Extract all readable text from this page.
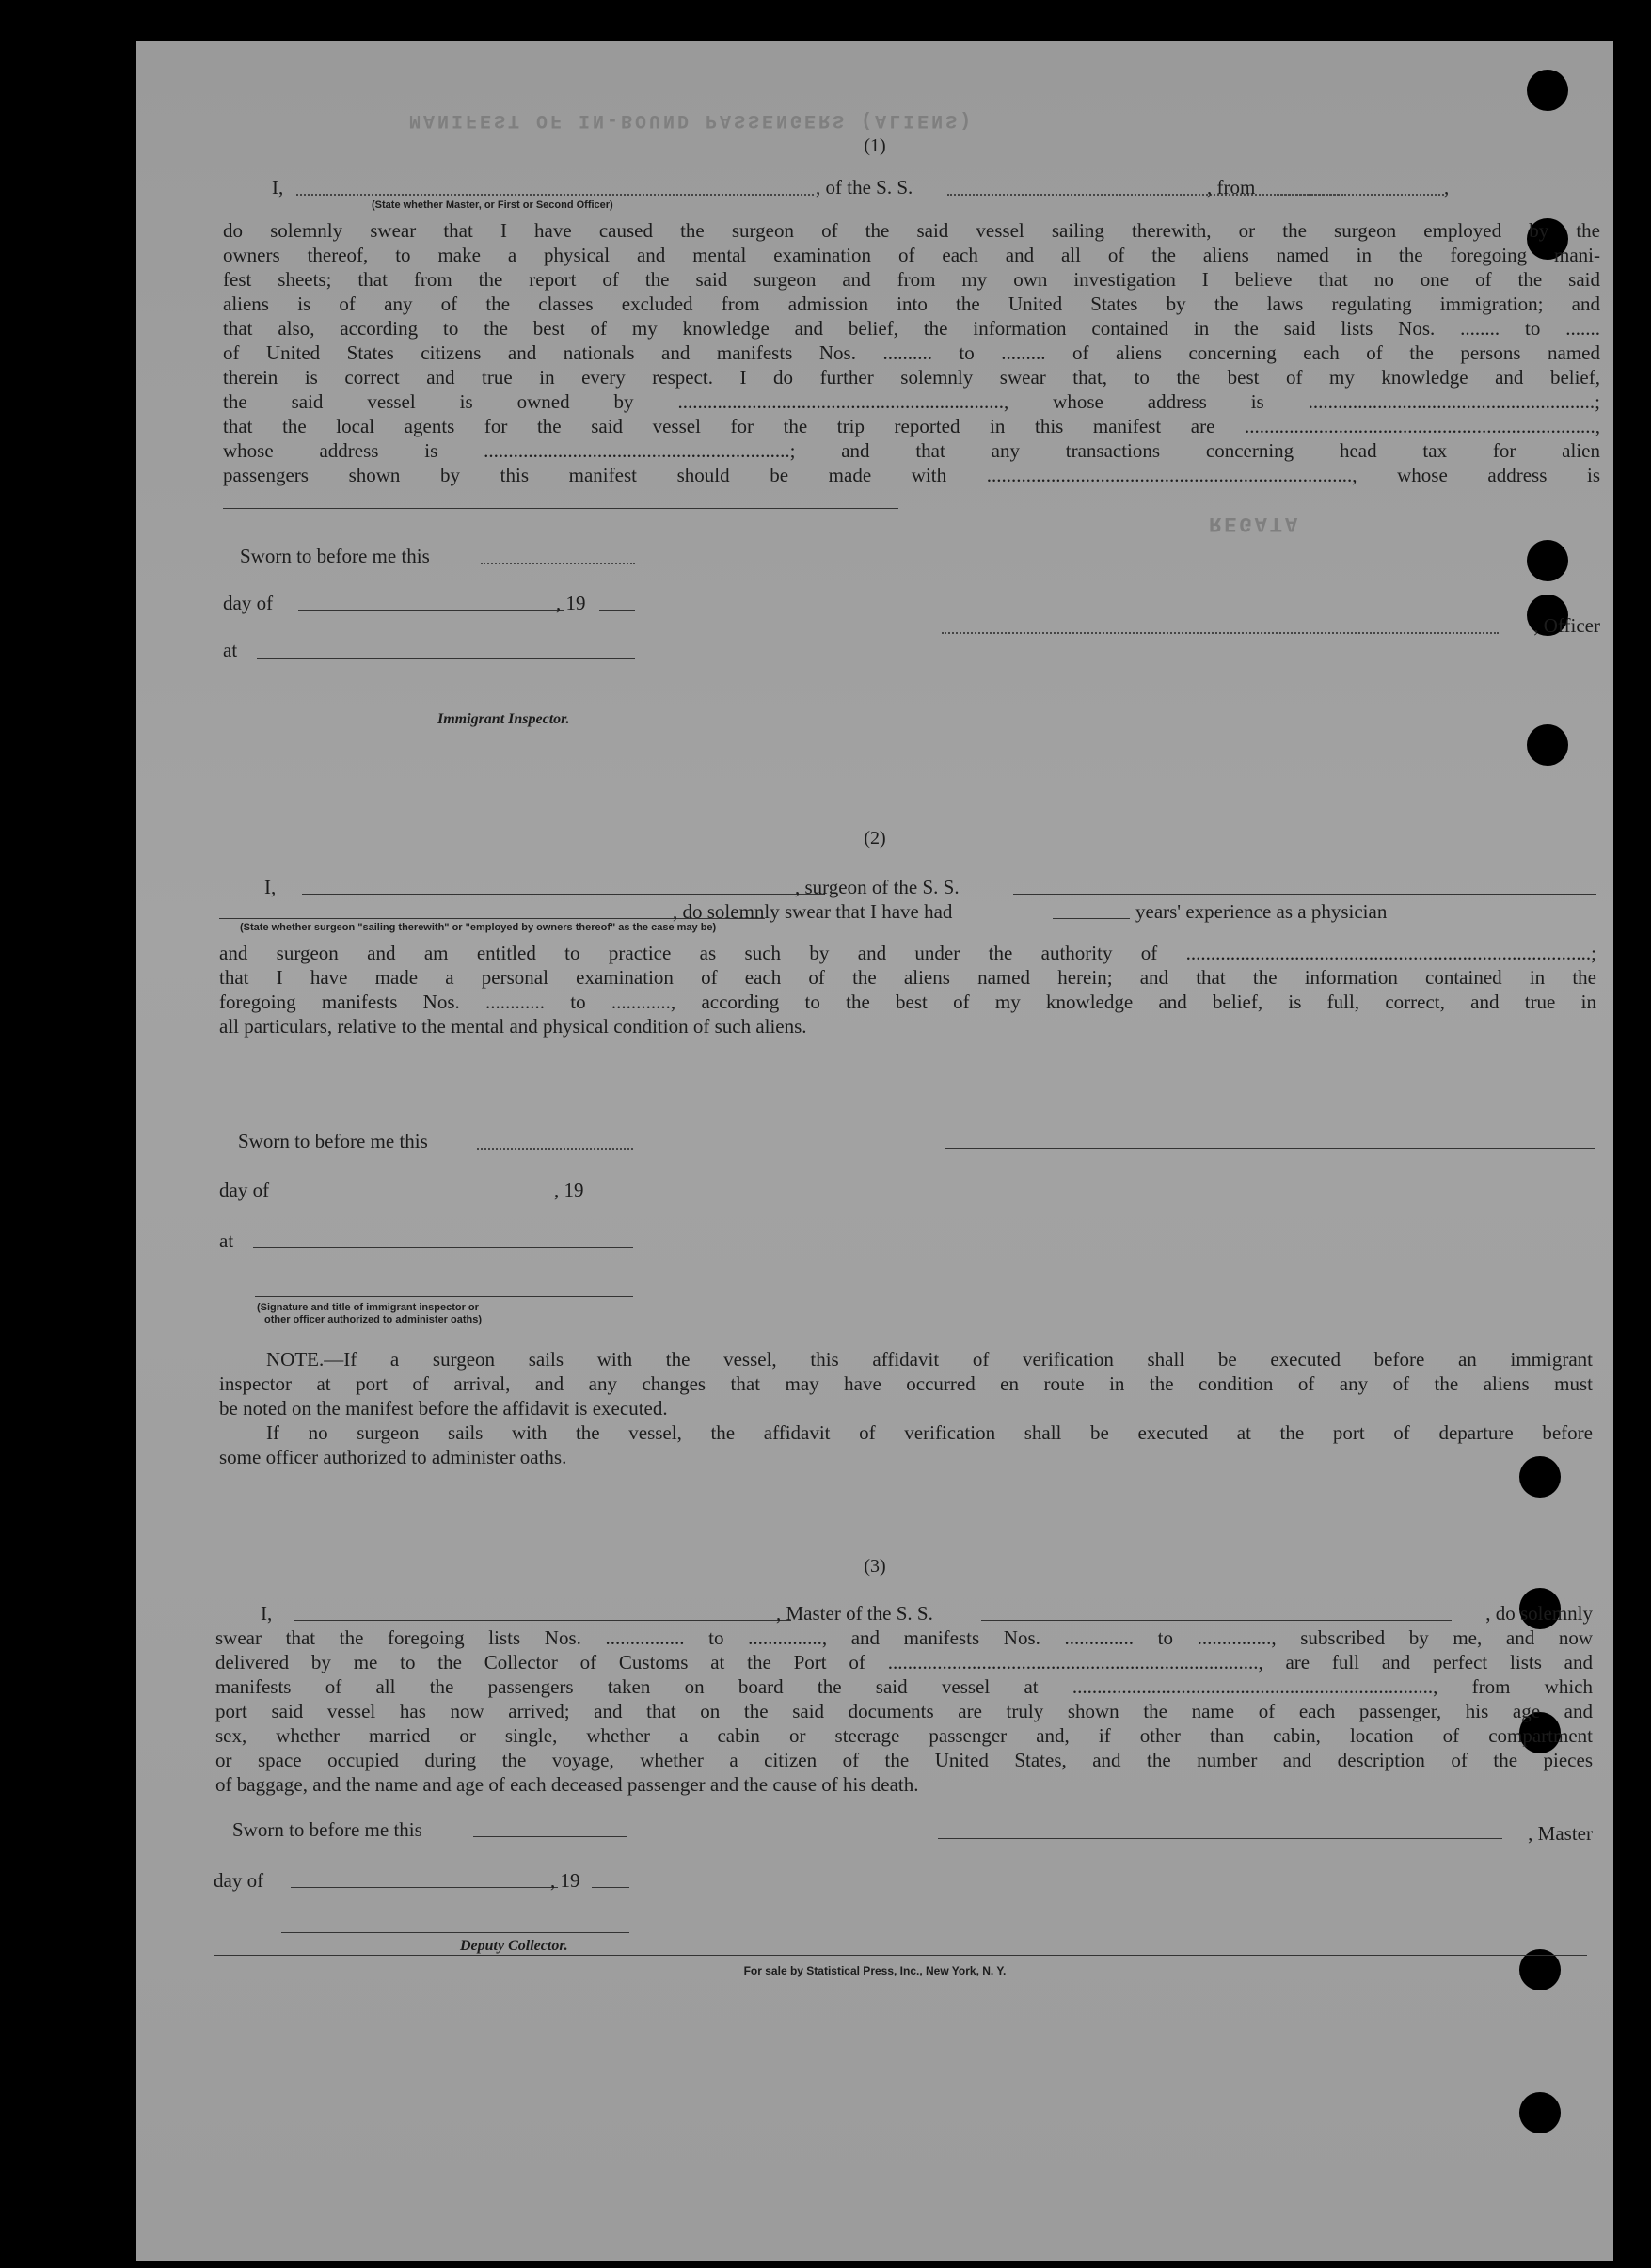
MANIFEST OF IN-BOUND PASSENGERS (ALIENS)
REGATA
(1)
I,	, of the S. S.	, from	,
(State whether Master, or First or Second Officer)
do solemnly swear that I have caused the surgeon of the said vessel sailing therewith, or the surgeon employed by the
owners thereof, to make a physical and mental examination of each and all of the aliens named in the foregoing mani-
fest sheets; that from the report of the said surgeon and from my own investigation I believe that no one of the said
aliens is of any of the classes excluded from admission into the United States by the laws regulating immigration; and
that also, according to the best of my knowledge and belief, the information contained in the said lists Nos. ........ to .......
of United States citizens and nationals and manifests Nos. .......... to ......... of aliens concerning each of the persons named
therein is correct and true in every respect. I do further solemnly swear that, to the best of my knowledge and belief,
the said vessel is owned by .................................................................., whose address is ..........................................................;
that the local agents for the said vessel for the trip reported in this manifest are .......................................................................,
whose address is ..............................................................; and that any transactions concerning head tax for alien
passengers shown by this manifest should be made with .........................................................................., whose address is
Sworn to before me this
day of	, 19
, Officer
at
Immigrant Inspector.
(2)
I,	, surgeon of the S. S.
, do solemnly swear that I have had	years' experience as a physician
(State whether surgeon "sailing therewith" or "employed by owners thereof" as the case may be)
and surgeon and am entitled to practice as such by and under the authority of ..................................................................................;
that I have made a personal examination of each of the aliens named herein; and that the information contained in the
foregoing manifests Nos. ............ to ............, according to the best of my knowledge and belief, is full, correct, and true in
all particulars, relative to the mental and physical condition of such aliens.
Sworn to before me this
day of	, 19
at
(Signature and title of immigrant inspector or
other officer authorized to administer oaths)
NOTE.—If a surgeon sails with the vessel, this affidavit of verification shall be executed before an immigrant
inspector at port of arrival, and any changes that may have occurred en route in the condition of any of the aliens must
be noted on the manifest before the affidavit is executed.
If no surgeon sails with the vessel, the affidavit of verification shall be executed at the port of departure before
some officer authorized to administer oaths.
(3)
I,	, Master of the S. S.	, do solemnly
swear that the foregoing lists Nos. ................ to ..............., and manifests Nos. .............. to ..............., subscribed by me, and now
delivered by me to the Collector of Customs at the Port of ..........................................................................., are full and perfect lists and
manifests of all the passengers taken on board the said vessel at ........................................................................., from which
port said vessel has now arrived; and that on the said documents are truly shown the name of each passenger, his age and
sex, whether married or single, whether a cabin or steerage passenger and, if other than cabin, location of compartment
or space occupied during the voyage, whether a citizen of the United States, and the number and description of the pieces
of baggage, and the name and age of each deceased passenger and the cause of his death.
Sworn to before me this	, Master
day of	, 19
Deputy Collector.
For sale by Statistical Press, Inc., New York, N. Y.
